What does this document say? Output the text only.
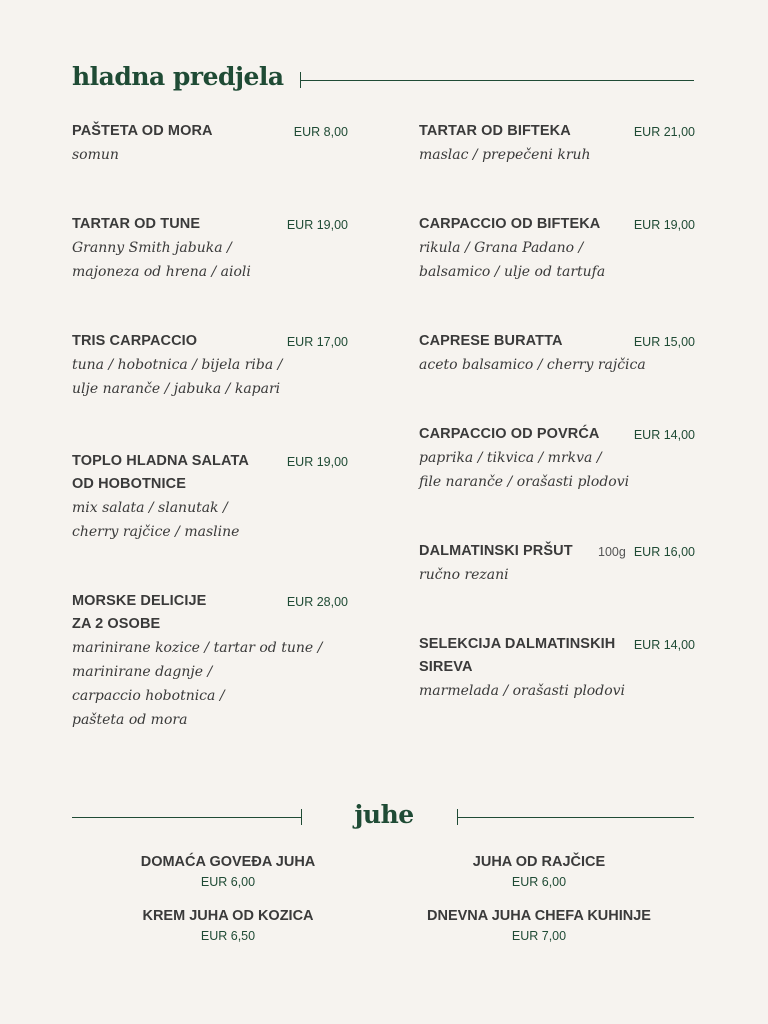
hladna predjela
PAŠTETA OD MORA	EUR 8,00
somun
TARTAR OD TUNE	EUR 19,00
Granny Smith jabuka /
majoneza od hrena / aioli
TRIS CARPACCIO	EUR 17,00
tuna / hobotnica / bijela riba /
ulje naranče / jabuka / kapari
TOPLO HLADNA SALATA
OD HOBOTNICE
EUR 19,00
mix salata / slanutak /
cherry rajčice / masline
MORSKE DELICIJE
ZA 2 OSOBE
EUR 28,00
marinirane kozice / tartar od tune /
marinirane dagnje /
carpaccio hobotnica /
pašteta od mora
TARTAR OD BIFTEKA	EUR 21,00
maslac / prepečeni kruh
CARPACCIO OD BIFTEKA	EUR 19,00
rikula / Grana Padano /
balsamico / ulje od tartufa
CAPRESE BURATTA	EUR 15,00
aceto balsamico / cherry rajčica
CARPACCIO OD POVRĆA	EUR 14,00
paprika / tikvica / mrkva /
file naranče / orašasti plodovi
DALMATINSKI PRŠUT	100g EUR 16,00
ručno rezani
SELEKCIJA DALMATINSKIH
SIREVA
EUR 14,00
marmelada / orašasti plodovi
juhe
DOMAĆA GOVEĐA JUHA
EUR 6,00
JUHA OD RAJČICE
EUR 6,00
KREM JUHA OD KOZICA
EUR 6,50
DNEVNA JUHA CHEFA KUHINJE
EUR 7,00
